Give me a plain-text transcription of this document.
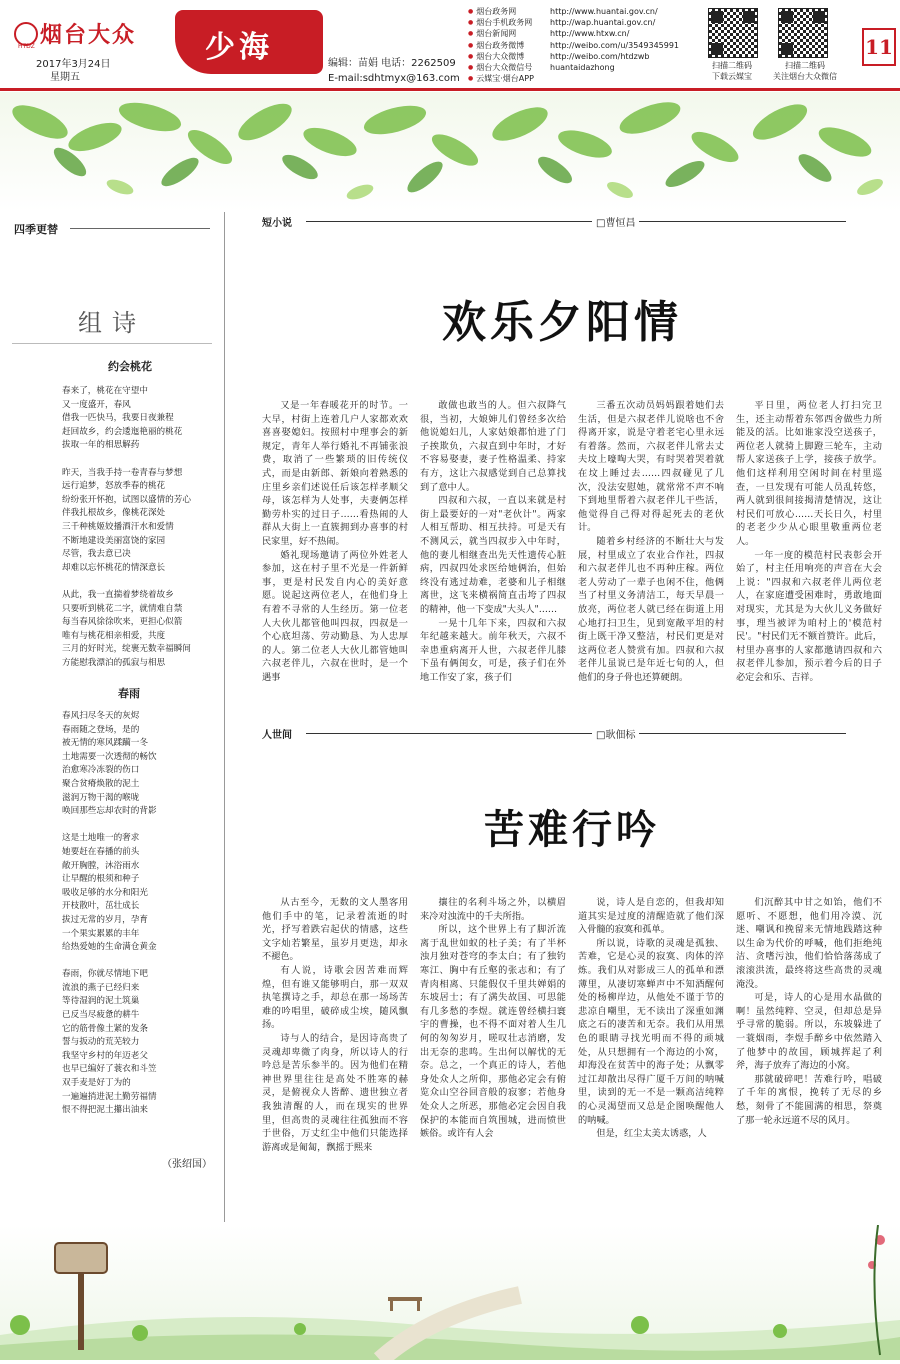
烟台大众
HTDZ
2017年3月24日
星期五
少海	编辑：苗娟 电话：2262509
E-mail:sdhtmyx@163.com
● 烟台政务网	http://www.huantai.gov.cn/
● 烟台手机政务网	http://wap.huantai.gov.cn/
● 烟台新闻网	http://www.htxw.cn/
● 烟台政务微博	http://weibo.com/u/3549345991
● 烟台大众微博	http://weibo.com/htdzwb
● 烟台大众微信号	huantaidazhong
● 云媒宝·烟台APP
扫描二维码
下载云媒宝
扫描二维码
关注烟台大众微信
11
四季更替
组诗
约会桃花
春来了，桃花在守望中
又一度盛开，春风
借我一匹快马，我要日夜兼程
赶回故乡，约会逶迤艳丽的桃花
拔取一年的相思解药

昨天，当我手持一卷青春与梦想
远行追梦，怒放季春的桃花
纷纷张开怀抱，试图以盛情的芳心
伴我扎根故乡，像桃花深处
三千种桃姬姣播酒汗水和爱情
不断地建设美丽富饶的家园
尽管，我去意已决
却难以忘怀桃花的情深意长

从此，我一直揣着梦绕着故乡
只要听到桃花二字，就情难自禁
每当春风徐徐吹来，更担心似箭
唯有与桃花相亲相爱，共度
三月的好时光，绽裹无数幸福瞬间
方能慰我漂泊的孤寂与相思
春雨
春风扫尽冬天的灰烬
春雨随之登场，是的
被无情的寒风蹂躏一冬
土地需要一次透彻的畅饮
治愈寒冷冻裂的伤口
聚合贫瘠焕散的泥土
滋润万物干渴的喉咙
唤回那些忘却农时的背影

这是土地唯一的奢求
她要赶在春播的前头
敞开胸膛，沐浴雨水
让早醒的根须和种子
吸收足够的水分和阳光
开枝散叶，茁壮成长
拔过无常的岁月，孕育
一个果实累累的丰年
给热爱她的生命满仓黄金

春雨，你就尽情地下吧
流浪的燕子已经归来
等待湿润的泥土筑巢
已反当尽疲惫的耕牛
它的筋骨像土紧的发条
誓与扳动的荒芜较力
我坚守乡村的年迈老父
也早已编好了蓑衣和斗笠
双手麦是好丁为的
一遍遍捎进泥土勤劳福情
恨不得把泥土攥出油来
（张绍国）
短小说	□曹恒昌
欢乐夕阳情

又是一年春暖花开的时节。一大早，村街上连着几户人家都欢欢喜喜娶媳妇。按照村中理事会的新规定，青年人举行婚礼不再铺张浪费，取消了一些繁琐的旧传统仪式，而是由新郎、新娘向着熟悉的庄里乡亲们述说任后该怎样孝顺父母，该怎样为人处事，夫妻俩怎样勤劳朴实的过日子……看热闹的人群从大街上一直簇拥到办喜事的村民家里，好不热闹。

婚礼现场邀请了两位外姓老人参加，这在村子里不光是一件新鲜事，更是村民发自内心的美好意愿。说起这两位老人，在他们身上有着不寻常的人生经历。第一位老人大伙儿都管他叫四叔，四叔是一个心底坦荡、劳动勤恳、为人忠厚的人。第二位老人大伙儿都管她叫六叔老伴儿，六叔在世时，是一个遇事

敢做也敢当的人。但六叔降气很，当初，大娘婶儿们曾经多次给他说媳妇儿，人家姑娘都怕进了门子挨欺负，六叔直到中年时，才好不容易娶妻，妻子性格温柔、持家有方，这让六叔感觉到自己总算找到了意中人。

四叔和六叔，一直以来就是村街上最要好的一对"老伙计"。两家人相互帮助、相互扶持。可是天有不测风云，就当四叔步入中年时，他的妻儿相继查出先天性遗传心脏病，四叔四处求医给她俩治，但始终没有逃过劫难，老婆和儿子相继离世，这飞来横祸简直击垮了四叔的精神，他一下变成"大头人"……

一晃十几年下来，四叔和六叔年纪越来越大。前年秋天，六叔不幸患重病离开人世，六叔老伴儿膝下虽有俩闺女，可是，孩子们在外地工作安了家，孩子们

三番五次动员妈妈跟着她们去生活，但是六叔老伴儿说啥也不舍得离开家，说是守着老宅心里永远有着落。然而，六叔老伴儿常去丈夫坟上嚎啕大哭，有时哭着哭着就在坟上睡过去……四叔碰见了几次，没法安慰她，就常常不声不响下到地里帮着六叔老伴儿干些活，他觉得自己得对得起死去的老伙计。

随着乡村经济的不断壮大与发展，村里成立了农业合作社，四叔和六叔老伴儿也不再种庄稼。两位老人劳动了一辈子也闲不住，他俩当了村里义务清洁工，每天早晨一放亮，两位老人就已经在街道上用心地打扫卫生，见到宽敞平坦的村街上既干净又整洁，村民们更是对这两位老人赞赏有加。四叔和六叔老伴儿虽说已是年近七旬的人，但他们的身子骨也还算硬朗。

平日里，两位老人打扫完卫生，还主动帮着东邻西舍做些力所能及的活。比如谁家没空送孩子，两位老人就骑上脚蹬三轮车，主动帮人家送孩子上学，接孩子放学。他们这样利用空闲时间在村里巡查，一旦发现有可能人员乱转悠，两人就到很间接揭清楚情况，这让村民们可放心……天长日久，村里的老老少少从心眼里敬重两位老人。

一年一度的模范村民表彰会开始了，村主任用响亮的声音在大会上说："四叔和六叔老伴儿两位老人，在家庭遭受困难时，勇敢地面对现实，尤其是为大伙儿义务做好事，理当被评为咱村上的'模范村民'。"村民们无不额首赞许。此后，村里办喜事的人家都邀请四叔和六叔老伴儿参加，预示着今后的日子必定会和乐、吉祥。

人世间	□耿佃标
苦难行吟

从古至今，无数的文人墨客用他们手中的笔，记录着流逝的时光，抒写着跌宕起伏的情感，这些文字灿若繁星，虽岁月更迭，却永不褪色。

有人说，诗歌会因苦难而辉煌，但有谁又能够明白，那一双双执笔撰诗之手，却总在那一场场苦难的吟唱里，破碎成尘埃，随风飘扬。

诗与人的结合，是因诗高贵了灵魂却卑微了肉身，所以诗人的行吟总是苦乐参半的。因为他们在精神世界里往往是高处不胜寒的赫灵，是俯视众人皆醉、遗世独立者我独清醒的人，而在现实的世界里，但高贵的灵魂往往孤独而不容于世俗，万丈红尘中他们只能选择游离或是匍匐，飘摇于熙来

攘往的名利斗场之外，以横眉来冷对浊流中的千夫所指。

所以，这个世界上有了脚沂流离于乱世如蚁的杜子美；有了半杯浊月独对苍穹的李太白；有了独钓寒江、胸中有丘壑的张志和；有了青肉相离、只能假仅千里共婵娟的东坡居士；有了满失故国、可思能有几多愁的李煜。就连曾经横扫寰宇的曹操，也不得不面对着人生几何的匆匆岁月，嗟叹壮志消磨，发出无奈的悲鸣。生出何以解忧的无奈。总之，一个真正的诗人，若他身处众人之所仰，那他必定会有俯览众山空谷回音般的寂寥；若他身处众人之所恶，那他必定会因自我保护的本能而自筑围城，进而愤世嫉俗。或许有人会

说，诗人是自恋的，但我却知道其实是过度的清醒造就了他们深入骨髓的寂寞和孤单。

所以说，诗歌的灵魂是孤独、苦难，它是心灵的寂寞、肉体的淬炼。我们从对影成三人的孤单和漂薄里，从凄切寒蝉声中不知酒醒何处的杨柳岸边，从他处不谨于节的悲凉自嘲里，无不读出了深重如渊底之石的凄苦和无奈。我们从用黑色的眼睛寻找光明而不得的顽城处，从只想拥有一个海边的小窝，却海没在贫苦中的海子处；从飘零过江却散出尽得广厦千万间的呐喊里，读到的无一不是一颗高洁纯粹的心灵渴望而又总是企图唤醒他人的呐喊。

但是，红尘太美太诱惑，人

们沉醉其中甘之如饴，他们不愿听、不愿想，他们用冷漠、沉迷、嘲讽和挽留来无情地践踏这种以生命为代价的呼喊，他们拒绝纯洁、贪嗜污浊，他们恰恰落荡成了滚滚洪流，最终将这些高贵的灵魂淹没。

可是，诗人的心是用水晶做的啊！虽然纯粹、空灵，但却总是异乎寻常的脆弱。所以，东坡躲进了一蓑烟雨，李煜手醉乡中依然踏入了他梦中的故国，顾城挥起了利斧，海子放弃了海边的小窝。

那就破碎吧！苦难行吟，唱破了千年的寓恨，挽转了无尽的乡愁，刻骨了不能圆满的相思，祭奠了那一轮永远道不尽的风月。
